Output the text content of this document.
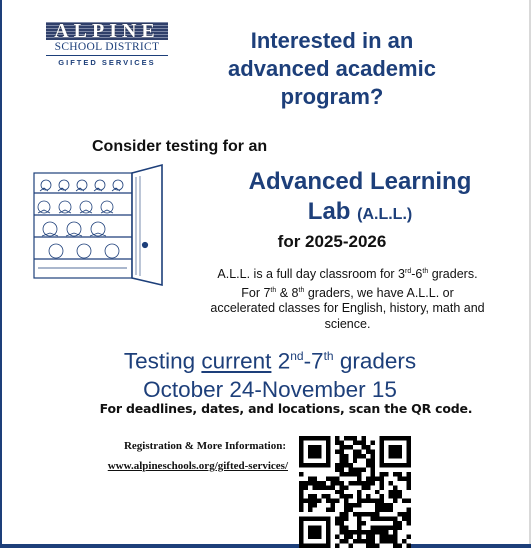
ALPINE
SCHOOL DISTRICT
GIFTED SERVICES
Interested in an
advanced academic
program?
Consider testing for an
Advanced Learning
Lab (A.L.L.)
for 2025-2026
A.L.L. is a full day classroom for 3rd-6th graders.
For 7th & 8th graders, we have A.L.L. or
accelerated classes for English, history, math and
science.
Testing current 2nd-7th graders
October 24-November 15
For deadlines, dates, and locations, scan the QR code.
Registration & More Information:
www.alpineschools.org/gifted-services/
